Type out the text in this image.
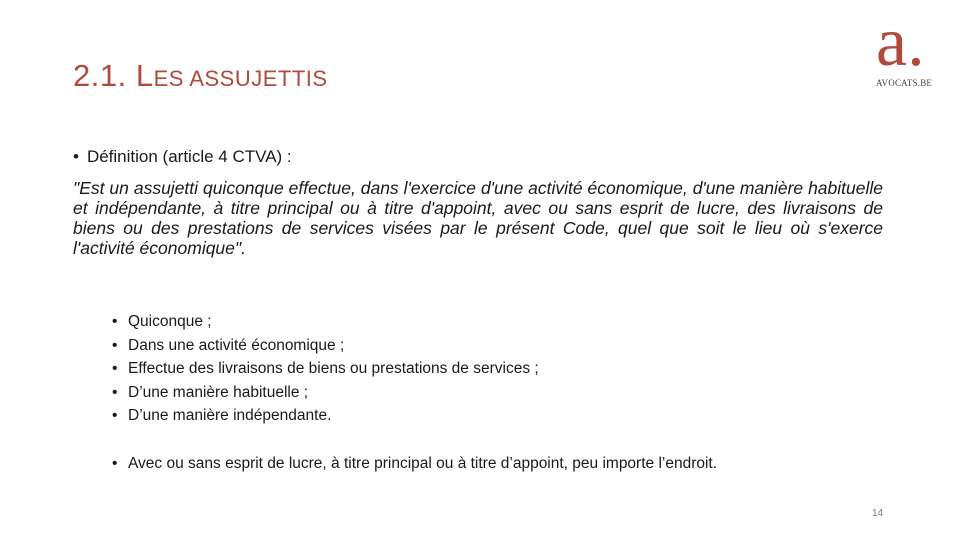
2.1. LES ASSUJETTIS	a.
AVOCATS.BE
• Définition (article 4 CTVA) :
"Est un assujetti quiconque effectue, dans l'exercice d'une activité économique, d'une manière habituelle et indépendante, à titre principal ou à titre d'appoint, avec ou sans esprit de lucre, des livraisons de biens ou des prestations de services visées par le présent Code, quel que soit le lieu où s'exerce l'activité économique".
• Quiconque ;
• Dans une activité économique ;
• Effectue des livraisons de biens ou prestations de services ;
• D’une manière habituelle ;
• D’une manière indépendante.
• Avec ou sans esprit de lucre, à titre principal ou à titre d’appoint, peu importe l’endroit.
14
